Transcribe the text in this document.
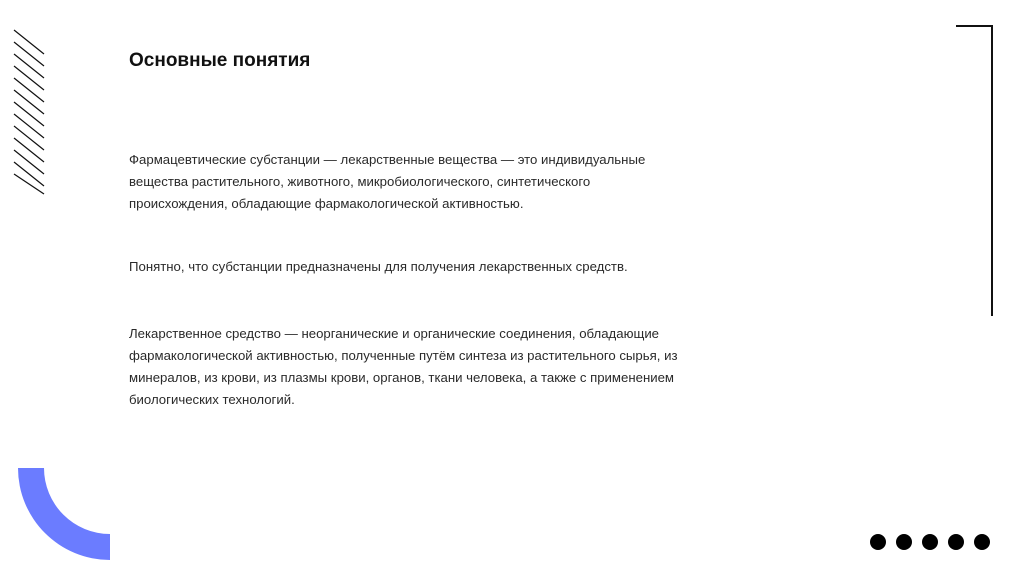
Основные понятия

Фармацевтические субстанции — лекарственные вещества — это индивидуальные вещества растительного, животного, микробиологического, синтетического происхождения, обладающие фармакологической активностью.

Понятно, что субстанции предназначены для получения лекарственных средств.

Лекарственное средство — неорганические и органические соединения, обладающие фармакологической активностью, полученные путём синтеза из растительного сырья, из минералов, из крови, из плазмы крови, органов, ткани человека, а также с применением биологических технологий.
